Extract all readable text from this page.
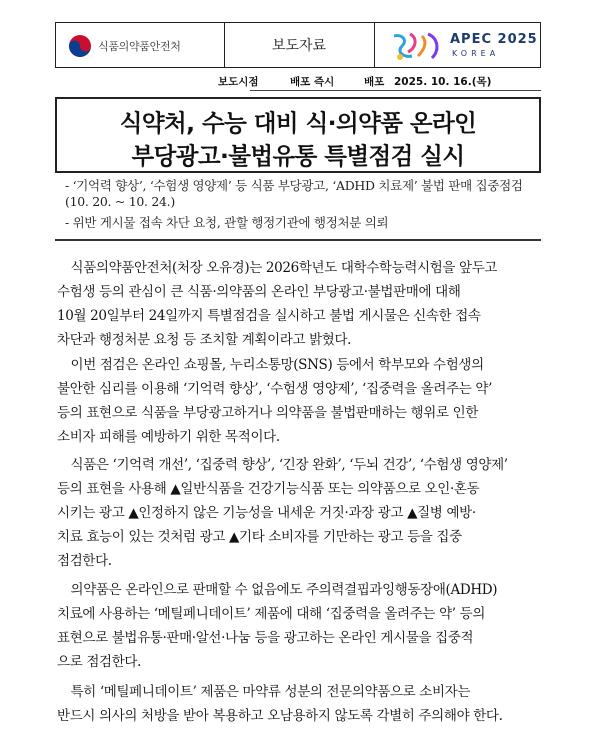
식품의약품안전처	보도자료	APEC 2025
KOREA
보도시점	배포 즉시	배포 2025. 10. 16.(목)
식약처, 수능 대비 식·의약품 온라인
부당광고·불법유통 특별점검 실시
- ‘기억력 향상’, ‘수험생 영양제’ 등 식품 부당광고, ‘ADHD 치료제’ 불법 판매 집중점검(10. 20. ~ 10. 24.)
- 위반 게시물 접속 차단 요청, 관할 행정기관에 행정처분 의뢰
식품의약품안전처(처장 오유경)는 2026학년도 대학수학능력시험을 앞두고
수험생 등의 관심이 큰 식품·의약품의 온라인 부당광고·불법판매에 대해
10월 20일부터 24일까지 특별점검을 실시하고 불법 게시물은 신속한 접속
차단과 행정처분 요청 등 조치할 계획이라고 밝혔다.
이번 점검은 온라인 쇼핑몰, 누리소통망(SNS) 등에서 학부모와 수험생의
불안한 심리를 이용해 ‘기억력 향상’, ‘수험생 영양제’, ‘집중력을 올려주는 약’
등의 표현으로 식품을 부당광고하거나 의약품을 불법판매하는 행위로 인한
소비자 피해를 예방하기 위한 목적이다.
식품은 ‘기억력 개선’, ‘집중력 향상’, ‘긴장 완화’, ‘두뇌 건강’, ‘수험생 영양제’
등의 표현을 사용해 ▲일반식품을 건강기능식품 또는 의약품으로 오인·혼동
시키는 광고 ▲인정하지 않은 기능성을 내세운 거짓·과장 광고 ▲질병 예방·
치료 효능이 있는 것처럼 광고 ▲기타 소비자를 기만하는 광고 등을 집중
점검한다.
의약품은 온라인으로 판매할 수 없음에도 주의력결핍과잉행동장애(ADHD)
치료에 사용하는 ‘메틸페니데이트’ 제품에 대해 ‘집중력을 올려주는 약’ 등의
표현으로 불법유통·판매·알선·나눔 등을 광고하는 온라인 게시물을 집중적
으로 점검한다.
특히 ‘메틸페니데이트’ 제품은 마약류 성분의 전문의약품으로 소비자는
반드시 의사의 처방을 받아 복용하고 오남용하지 않도록 각별히 주의해야 한다.
